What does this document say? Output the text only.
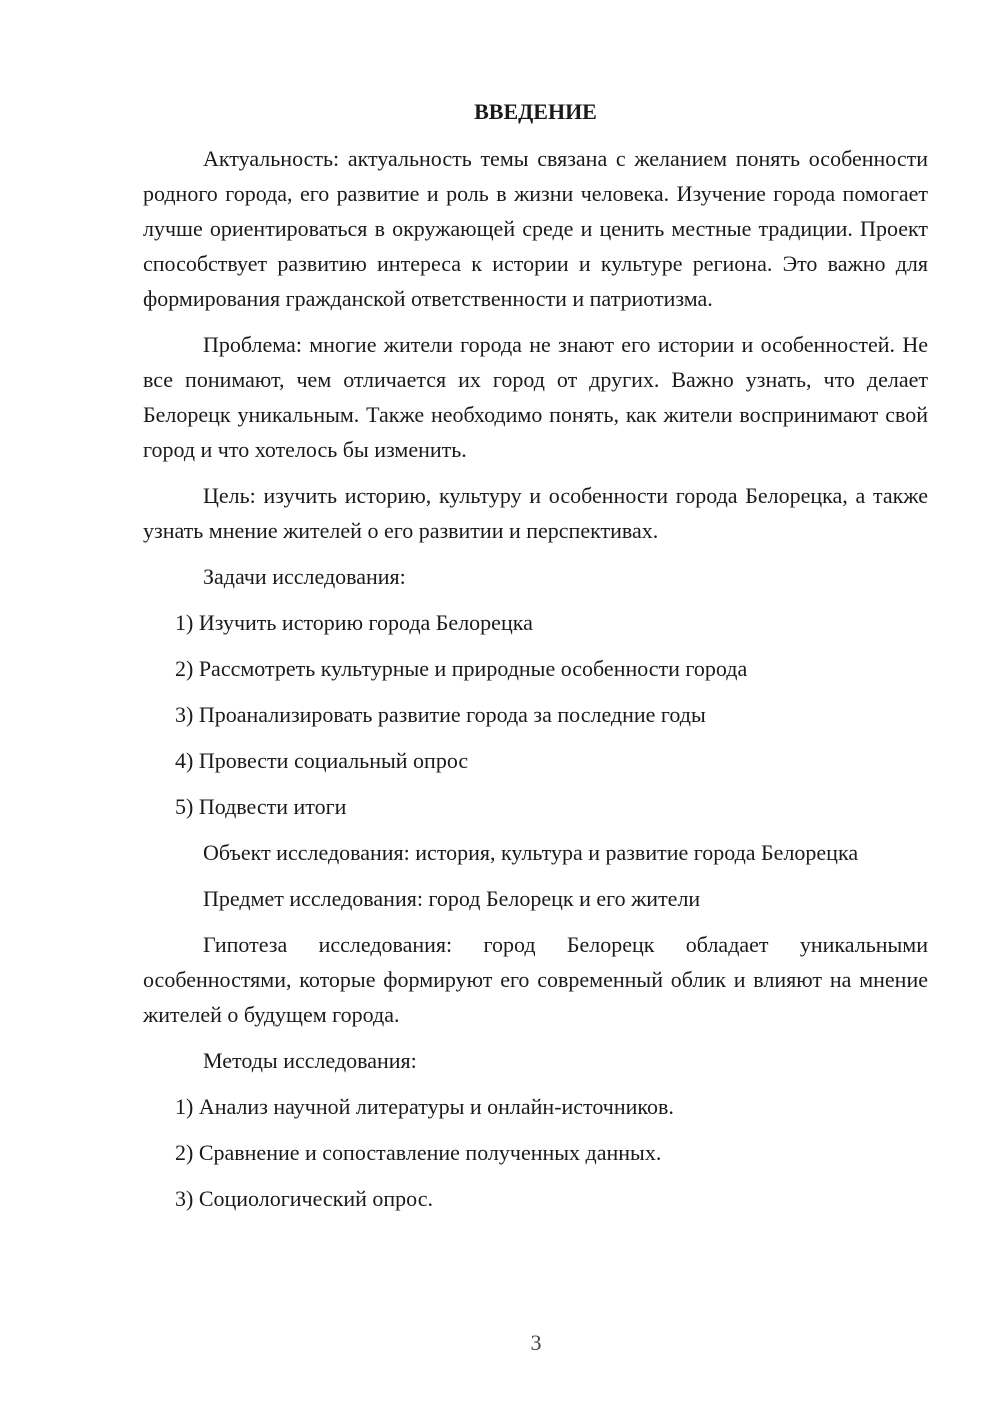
ВВЕДЕНИЕ

Актуальность: актуальность темы связана с желанием понять особенности родного города, его развитие и роль в жизни человека. Изучение города помогает лучше ориентироваться в окружающей среде и ценить местные традиции. Проект способствует развитию интереса к истории и культуре региона. Это важно для формирования гражданской ответственности и патриотизма.

Проблема: многие жители города не знают его истории и особенностей. Не все понимают, чем отличается их город от других. Важно узнать, что делает Белорецк уникальным. Также необходимо понять, как жители воспринимают свой город и что хотелось бы изменить.

Цель: изучить историю, культуру и особенности города Белорецка, а также узнать мнение жителей о его развитии и перспективах.

Задачи исследования:

1) Изучить историю города Белорецка
2) Рассмотреть культурные и природные особенности города
3) Проанализировать развитие города за последние годы
4) Провести социальный опрос
5) Подвести итоги

Объект исследования: история, культура и развитие города Белорецка

Предмет исследования: город Белорецк и его жители

Гипотеза исследования: город Белорецк обладает уникальными особенностями, которые формируют его современный облик и влияют на мнение жителей о будущем города.

Методы исследования:

1) Анализ научной литературы и онлайн-источников.
2) Сравнение и сопоставление полученных данных.
3) Социологический опрос.
3
